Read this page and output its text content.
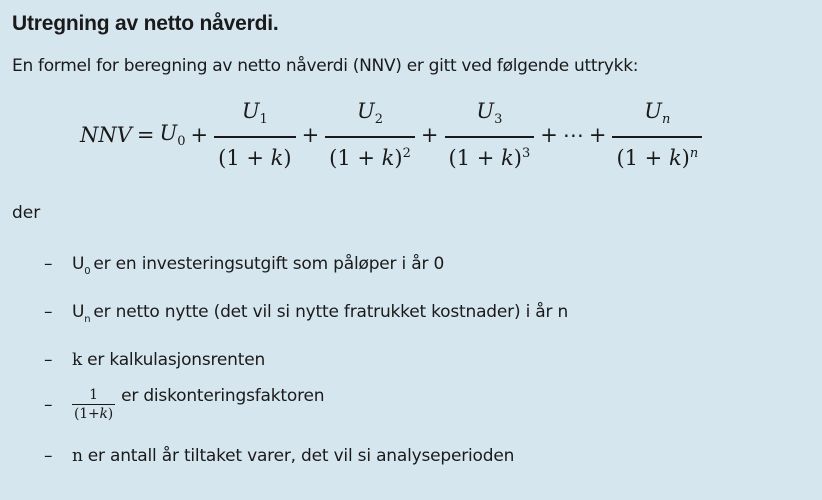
Utregning av netto nåverdi.
En formel for beregning av netto nåverdi (NNV) er gitt ved følgende uttrykk:
NNV = $U_0 + \frac{U_1}{(1 + k)} + \frac{U_2}{(1 + k)^2} + \frac{U_3}{(1 + k)^3}$ + ⋯ + $\frac{U_n}{(1 + k)^n}$
der
–	$U_0$ er en investeringsutgift som påløper i år 0
–	$U_n$ er netto nytte (det vil si nytte fratrukket kostnader) i år n
–	k er kalkulasjonsrenten
–	$\frac{1}{(1+k)}$ er diskonteringsfaktoren
–	n er antall år tiltaket varer, det vil si analyseperioden
